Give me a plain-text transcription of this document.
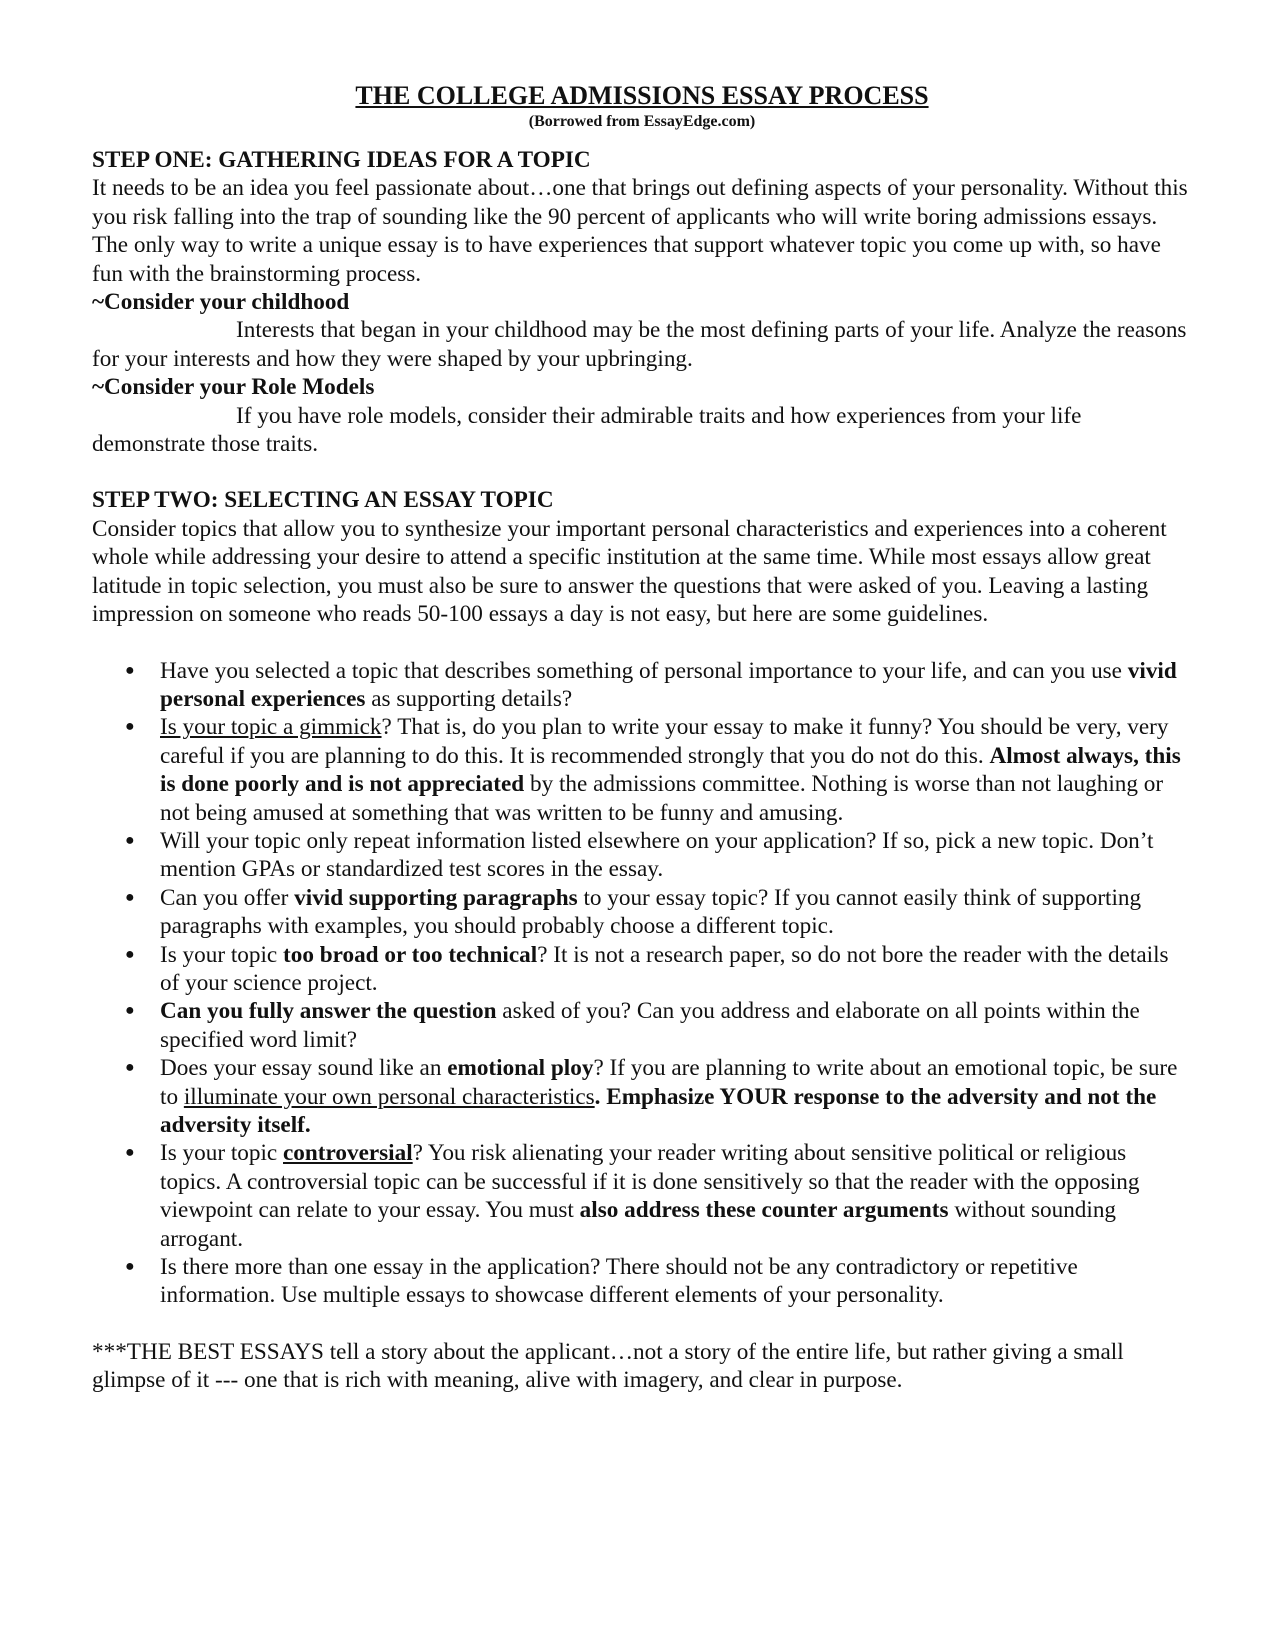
THE COLLEGE ADMISSIONS ESSAY PROCESS

(Borrowed from EssayEdge.com)

STEP ONE: GATHERING IDEAS FOR A TOPIC

It needs to be an idea you feel passionate about…one that brings out defining aspects of your personality. Without this you risk falling into the trap of sounding like the 90 percent of applicants who will write boring admissions essays. The only way to write a unique essay is to have experiences that support whatever topic you come up with, so have fun with the brainstorming process.

~Consider your childhood

Interests that began in your childhood may be the most defining parts of your life. Analyze the reasons for your interests and how they were shaped by your upbringing.

~Consider your Role Models

If you have role models, consider their admirable traits and how experiences from your life demonstrate those traits.

STEP TWO: SELECTING AN ESSAY TOPIC

Consider topics that allow you to synthesize your important personal characteristics and experiences into a coherent whole while addressing your desire to attend a specific institution at the same time. While most essays allow great latitude in topic selection, you must also be sure to answer the questions that were asked of you. Leaving a lasting impression on someone who reads 50-100 essays a day is not easy, but here are some guidelines.

● Have you selected a topic that describes something of personal importance to your life, and can you use vivid personal experiences as supporting details?
● Is your topic a gimmick? That is, do you plan to write your essay to make it funny? You should be very, very careful if you are planning to do this. It is recommended strongly that you do not do this. Almost always, this is done poorly and is not appreciated by the admissions committee. Nothing is worse than not laughing or not being amused at something that was written to be funny and amusing.
● Will your topic only repeat information listed elsewhere on your application? If so, pick a new topic. Don’t mention GPAs or standardized test scores in the essay.
● Can you offer vivid supporting paragraphs to your essay topic? If you cannot easily think of supporting paragraphs with examples, you should probably choose a different topic.
● Is your topic too broad or too technical? It is not a research paper, so do not bore the reader with the details of your science project.
● Can you fully answer the question asked of you? Can you address and elaborate on all points within the specified word limit?
● Does your essay sound like an emotional ploy? If you are planning to write about an emotional topic, be sure to illuminate your own personal characteristics. Emphasize YOUR response to the adversity and not the adversity itself.
● Is your topic controversial? You risk alienating your reader writing about sensitive political or religious topics. A controversial topic can be successful if it is done sensitively so that the reader with the opposing viewpoint can relate to your essay. You must also address these counter arguments without sounding arrogant.
● Is there more than one essay in the application? There should not be any contradictory or repetitive information. Use multiple essays to showcase different elements of your personality.

***THE BEST ESSAYS tell a story about the applicant…not a story of the entire life, but rather giving a small glimpse of it --- one that is rich with meaning, alive with imagery, and clear in purpose.
